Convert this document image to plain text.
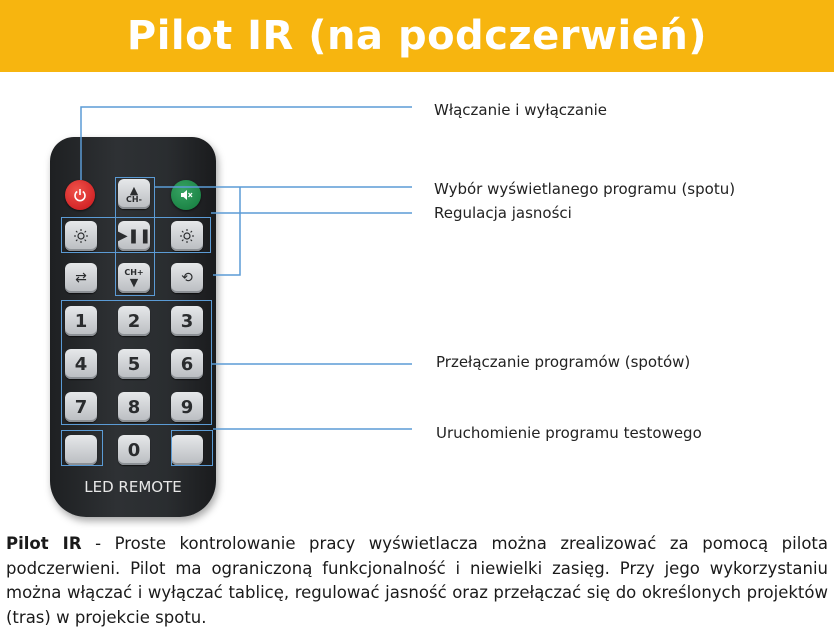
Pilot IR (na podczerwień)
▲
CH-
▶❚❚
⇄	CH+
▼	⟲
1 2 3
4 5 6
7 8 9
0
LED REMOTE
Włączanie i wyłączanie
Wybór wyświetlanego programu (spotu)
Regulacja jasności
Przełączanie programów (spotów)
Uruchomienie programu testowego
Pilot IR - Proste kontrolowanie pracy wyświetlacza można zrealizować za pomocą pilota podczerwieni. Pilot ma ograniczoną funkcjonalność i niewielki zasięg. Przy jego wykorzystaniu można włączać i wyłączać tablicę, regulować jasność oraz przełączać się do określonych projektów (tras) w projekcie spotu.
